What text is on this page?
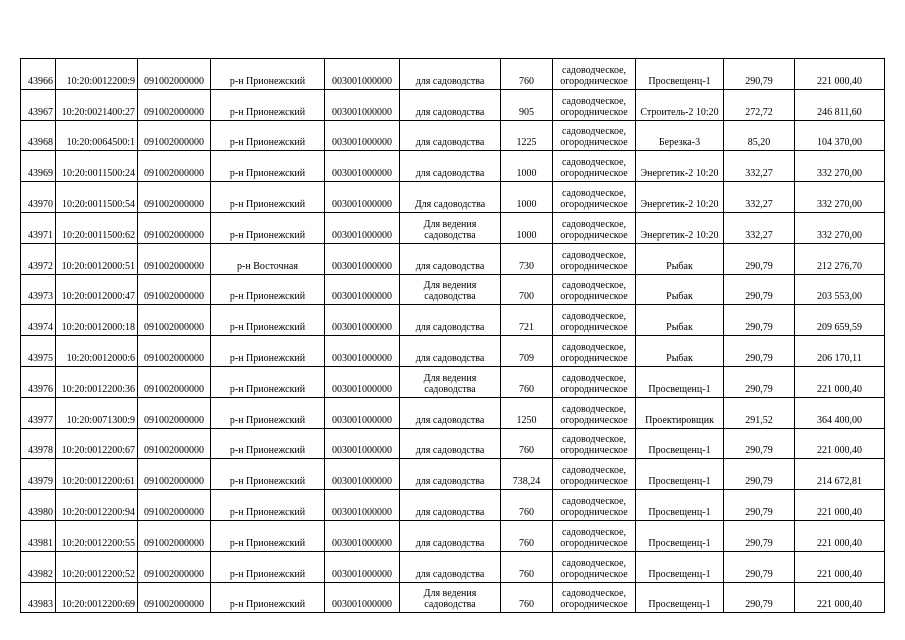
43966	10:20:0012200:9	091002000000	р-н Прионежский	003001000000	для садоводства	760	садоводческое,
огородническое	Просвещенц-1	290,79	221 000,40
43967	10:20:0021400:27	091002000000	р-н Прионежский	003001000000	для садоводства	905	садоводческое,
огородническое	Строитель-2 10:20	272,72	246 811,60
43968	10:20:0064500:1	091002000000	р-н Прионежский	003001000000	для садоводства	1225	садоводческое,
огородническое	Березка-3	85,20	104 370,00
43969	10:20:0011500:24	091002000000	р-н Прионежский	003001000000	для садоводства	1000	садоводческое,
огородническое	Энергетик-2 10:20	332,27	332 270,00
43970	10:20:0011500:54	091002000000	р-н Прионежский	003001000000	Для садоводства	1000	садоводческое,
огородническое	Энергетик-2 10:20	332,27	332 270,00
43971	10:20:0011500:62	091002000000	р-н Прионежский	003001000000	Для ведения
садоводства	1000	садоводческое,
огородническое	Энергетик-2 10:20	332,27	332 270,00
43972	10:20:0012000:51	091002000000	р-н Восточная	003001000000	для садоводства	730	садоводческое,
огородническое	Рыбак	290,79	212 276,70
43973	10:20:0012000:47	091002000000	р-н Прионежский	003001000000	Для ведения
садоводства	700	садоводческое,
огородническое	Рыбак	290,79	203 553,00
43974	10:20:0012000:18	091002000000	р-н Прионежский	003001000000	для садоводства	721	садоводческое,
огородническое	Рыбак	290,79	209 659,59
43975	10:20:0012000:6	091002000000	р-н Прионежский	003001000000	для садоводства	709	садоводческое,
огородническое	Рыбак	290,79	206 170,11
43976	10:20:0012200:36	091002000000	р-н Прионежский	003001000000	Для ведения
садоводства	760	садоводческое,
огородническое	Просвещенц-1	290,79	221 000,40
43977	10:20:0071300:9	091002000000	р-н Прионежский	003001000000	для садоводства	1250	садоводческое,
огородническое	Проектировщик	291,52	364 400,00
43978	10:20:0012200:67	091002000000	р-н Прионежский	003001000000	для садоводства	760	садоводческое,
огородническое	Просвещенц-1	290,79	221 000,40
43979	10:20:0012200:61	091002000000	р-н Прионежский	003001000000	для садоводства	738,24	садоводческое,
огородническое	Просвещенц-1	290,79	214 672,81
43980	10:20:0012200:94	091002000000	р-н Прионежский	003001000000	для садоводства	760	садоводческое,
огородническое	Просвещенц-1	290,79	221 000,40
43981	10:20:0012200:55	091002000000	р-н Прионежский	003001000000	для садоводства	760	садоводческое,
огородническое	Просвещенц-1	290,79	221 000,40
43982	10:20:0012200:52	091002000000	р-н Прионежский	003001000000	для садоводства	760	садоводческое,
огородническое	Просвещенц-1	290,79	221 000,40
43983	10:20:0012200:69	091002000000	р-н Прионежский	003001000000	Для ведения
садоводства	760	садоводческое,
огородническое	Просвещенц-1	290,79	221 000,40
